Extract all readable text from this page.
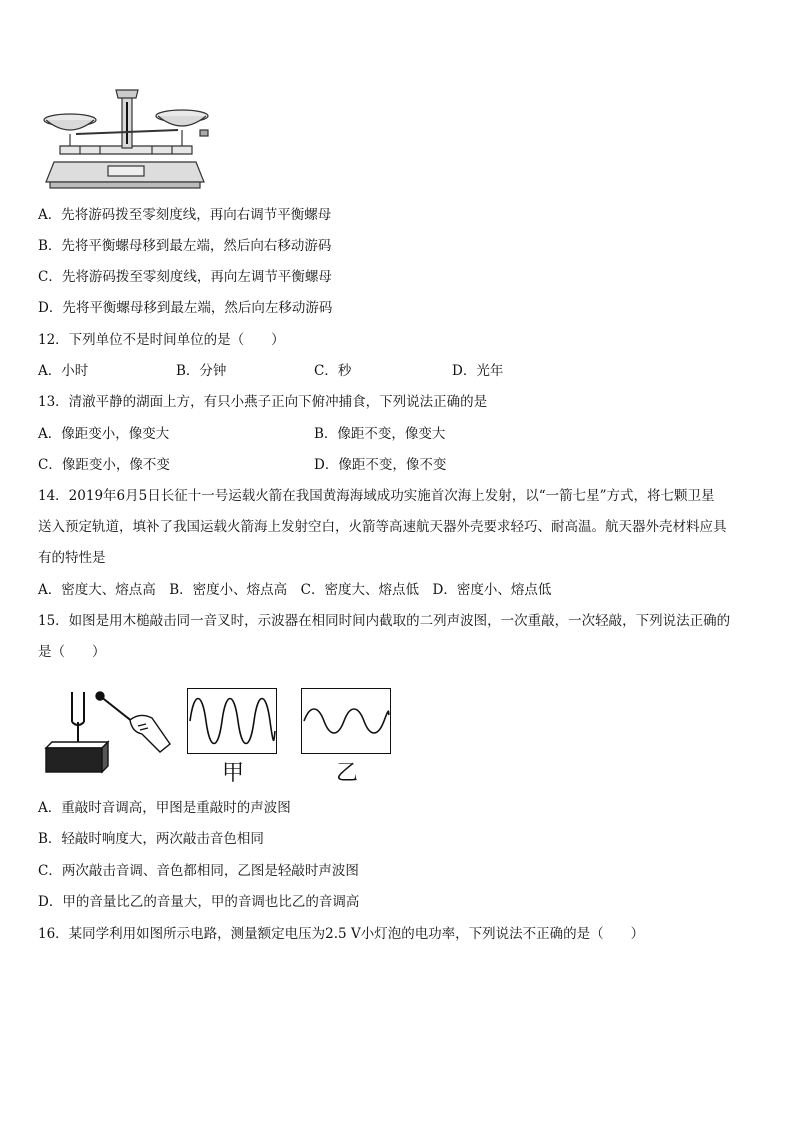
A．先将游码拨至零刻度线，再向右调节平衡螺母
B．先将平衡螺母移到最左端，然后向右移动游码
C．先将游码拨至零刻度线，再向左调节平衡螺母
D．先将平衡螺母移到最左端，然后向左移动游码
12．下列单位不是时间单位的是（　　）
A．小时	B．分钟	C．秒	D．光年
13．清澈平静的湖面上方，有只小燕子正向下俯冲捕食，下列说法正确的是
A．像距变小，像变大	B．像距不变，像变大
C．像距变小，像不变	D．像距不变，像不变
14．2019年6月5日长征十一号运载火箭在我国黄海海域成功实施首次海上发射，以“一箭七星”方式，将七颗卫星
送入预定轨道，填补了我国运载火箭海上发射空白，火箭等高速航天器外壳要求轻巧、耐高温。航天器外壳材料应具
有的特性是
A．密度大、熔点高　B．密度小、熔点高　C．密度大、熔点低　D．密度小、熔点低
15．如图是用木槌敲击同一音叉时，示波器在相同时间内截取的二列声波图，一次重敲，一次轻敲，下列说法正确的
是（　　）
甲	乙
A．重敲时音调高，甲图是重敲时的声波图
B．轻敲时响度大，两次敲击音色相同
C．两次敲击音调、音色都相同，乙图是轻敲时声波图
D．甲的音量比乙的音量大，甲的音调也比乙的音调高
16．某同学利用如图所示电路，测量额定电压为2.5 V小灯泡的电功率，下列说法不正确的是（　　）
